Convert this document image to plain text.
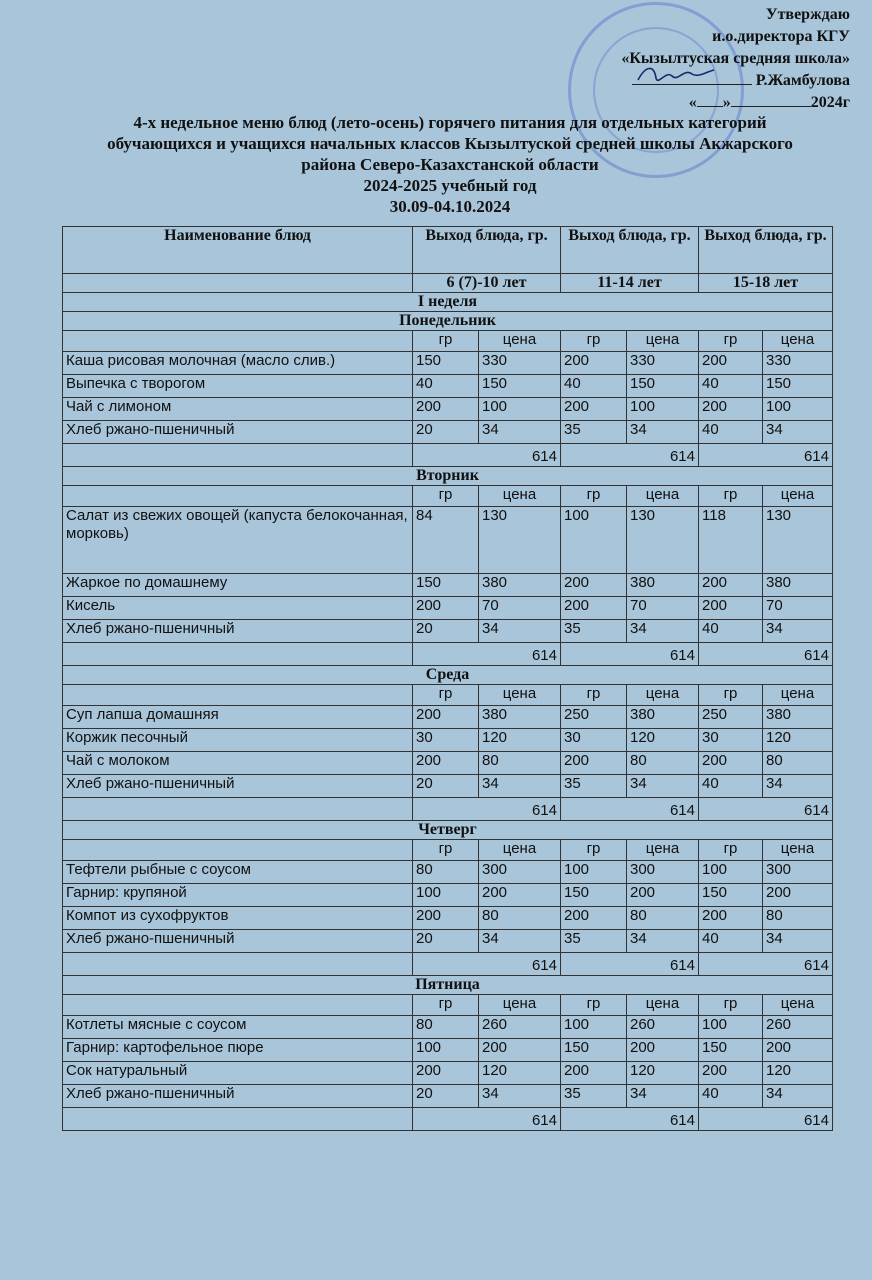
Утверждаю
и.о.директора КГУ
«Кызылтуская средняя школа»
Р.Жамбулова
« »	2024г
4-х недельное меню блюд (лето-осень) горячего питания для отдельных категорий
обучающихся и учащихся начальных классов Кызылтуской средней школы Акжарского
района Северо-Казахстанской области
2024-2025 учебный год
30.09-04.10.2024
Наименование блюд	Выход блюда, гр.		Выход блюда, гр.		Выход блюда, гр.	
	6 (7)-10 лет		11-14 лет		15-18 лет	
I неделя						
Понедельник						
	гр	цена	гр	цена	гр	цена
Каша рисовая молочная (масло слив.)	150	330	200	330	200	330
Выпечка с творогом	40	150	40	150	40	150
Чай с лимоном	200	100	200	100	200	100
Хлеб ржано-пшеничный	20	34	35	34	40	34
	614		614		614	
Вторник						
	гр	цена	гр	цена	гр	цена
Салат из свежих овощей (капуста белокочанная, морковь)	84	130	100	130	118	130
Жаркое по домашнему	150	380	200	380	200	380
Кисель	200	70	200	70	200	70
Хлеб ржано-пшеничный	20	34	35	34	40	34
	614		614		614	
Среда						
	гр	цена	гр	цена	гр	цена
Суп лапша домашняя	200	380	250	380	250	380
Коржик песочный	30	120	30	120	30	120
Чай с молоком	200	80	200	80	200	80
Хлеб ржано-пшеничный	20	34	35	34	40	34
	614		614		614	
Четверг						
	гр	цена	гр	цена	гр	цена
Тефтели рыбные с соусом	80	300	100	300	100	300
Гарнир: крупяной	100	200	150	200	150	200
Компот из сухофруктов	200	80	200	80	200	80
Хлеб ржано-пшеничный	20	34	35	34	40	34
	614		614		614	
Пятница						
	гр	цена	гр	цена	гр	цена
Котлеты мясные с соусом	80	260	100	260	100	260
Гарнир: картофельное пюре	100	200	150	200	150	200
Сок натуральный	200	120	200	120	200	120
Хлеб ржано-пшеничный	20	34	35	34	40	34
	614		614		614	
